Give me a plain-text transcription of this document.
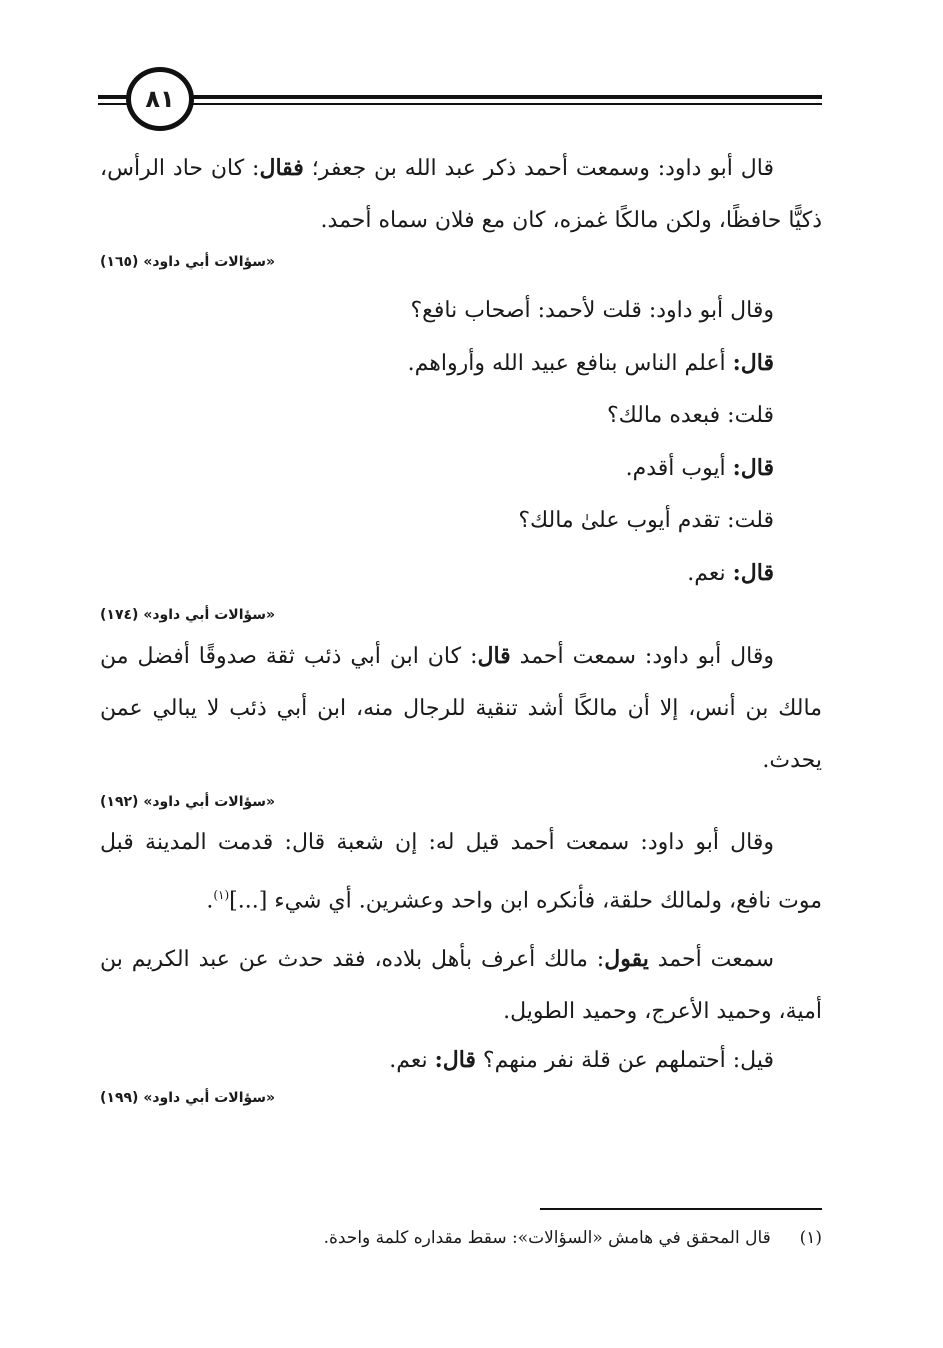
٨١

قال أبو داود: وسمعت أحمد ذكر عبد الله بن جعفر؛ فقال: كان حاد الرأس، ذكيًّا حافظًا، ولكن مالكًا غمزه، كان مع فلان سماه أحمد.

«سؤالات أبي داود» (١٦٥)

وقال أبو داود: قلت لأحمد: أصحاب نافع؟

قال: أعلم الناس بنافع عبيد الله وأرواهم.

قلت: فبعده مالك؟

قال: أيوب أقدم.

قلت: تقدم أيوب علىٰ مالك؟

قال: نعم.

«سؤالات أبي داود» (١٧٤)

وقال أبو داود: سمعت أحمد قال: كان ابن أبي ذئب ثقة صدوقًا أفضل من مالك بن أنس، إلا أن مالكًا أشد تنقية للرجال منه، ابن أبي ذئب لا يبالي عمن يحدث.

«سؤالات أبي داود» (١٩٢)

وقال أبو داود: سمعت أحمد قيل له: إن شعبة قال: قدمت المدينة قبل موت نافع، ولمالك حلقة، فأنكره ابن واحد وعشرين. أي شيء [...]$^{(١)}$.

سمعت أحمد يقول: مالك أعرف بأهل بلاده، فقد حدث عن عبد الكريم بن أمية، وحميد الأعرج، وحميد الطويل.

قيل: أحتملهم عن قلة نفر منهم؟ قال: نعم.

«سؤالات أبي داود» (١٩٩)

(١)  قال المحقق في هامش «السؤالات»: سقط مقداره كلمة واحدة.
